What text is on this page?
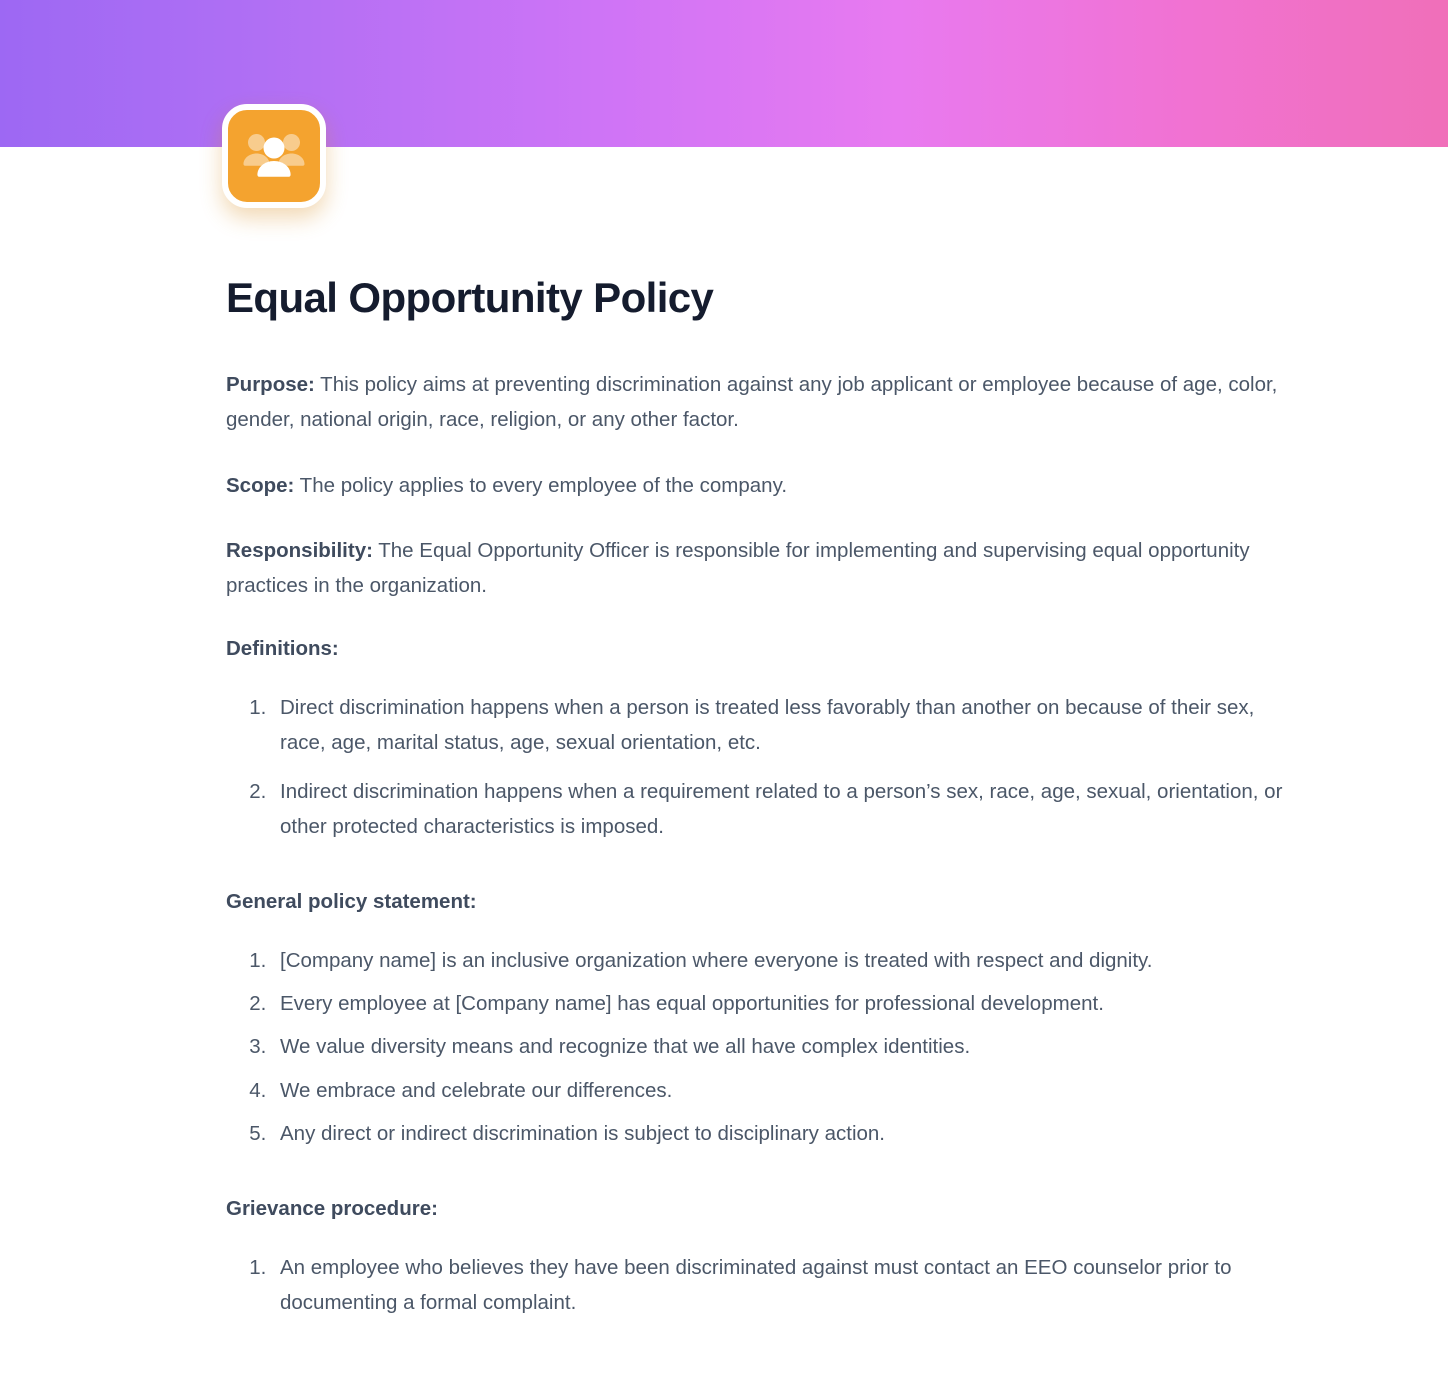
Equal Opportunity Policy

Purpose: This policy aims at preventing discrimination against any job applicant or employee because of age, color, gender, national origin, race, religion, or any other factor.

Scope: The policy applies to every employee of the company.

Responsibility: The Equal Opportunity Officer is responsible for implementing and supervising equal opportunity practices in the organization.

Definitions:

1. Direct discrimination happens when a person is treated less favorably than another on because of their sex, race, age, marital status, age, sexual orientation, etc.
2. Indirect discrimination happens when a requirement related to a person’s sex, race, age, sexual, orientation, or other protected characteristics is imposed.

General policy statement:

1. [Company name] is an inclusive organization where everyone is treated with respect and dignity.
2. Every employee at [Company name] has equal opportunities for professional development.
3. We value diversity means and recognize that we all have complex identities.
4. We embrace and celebrate our differences.
5. Any direct or indirect discrimination is subject to disciplinary action.

Grievance procedure:

1. An employee who believes they have been discriminated against must contact an EEO counselor prior to documenting a formal complaint.
